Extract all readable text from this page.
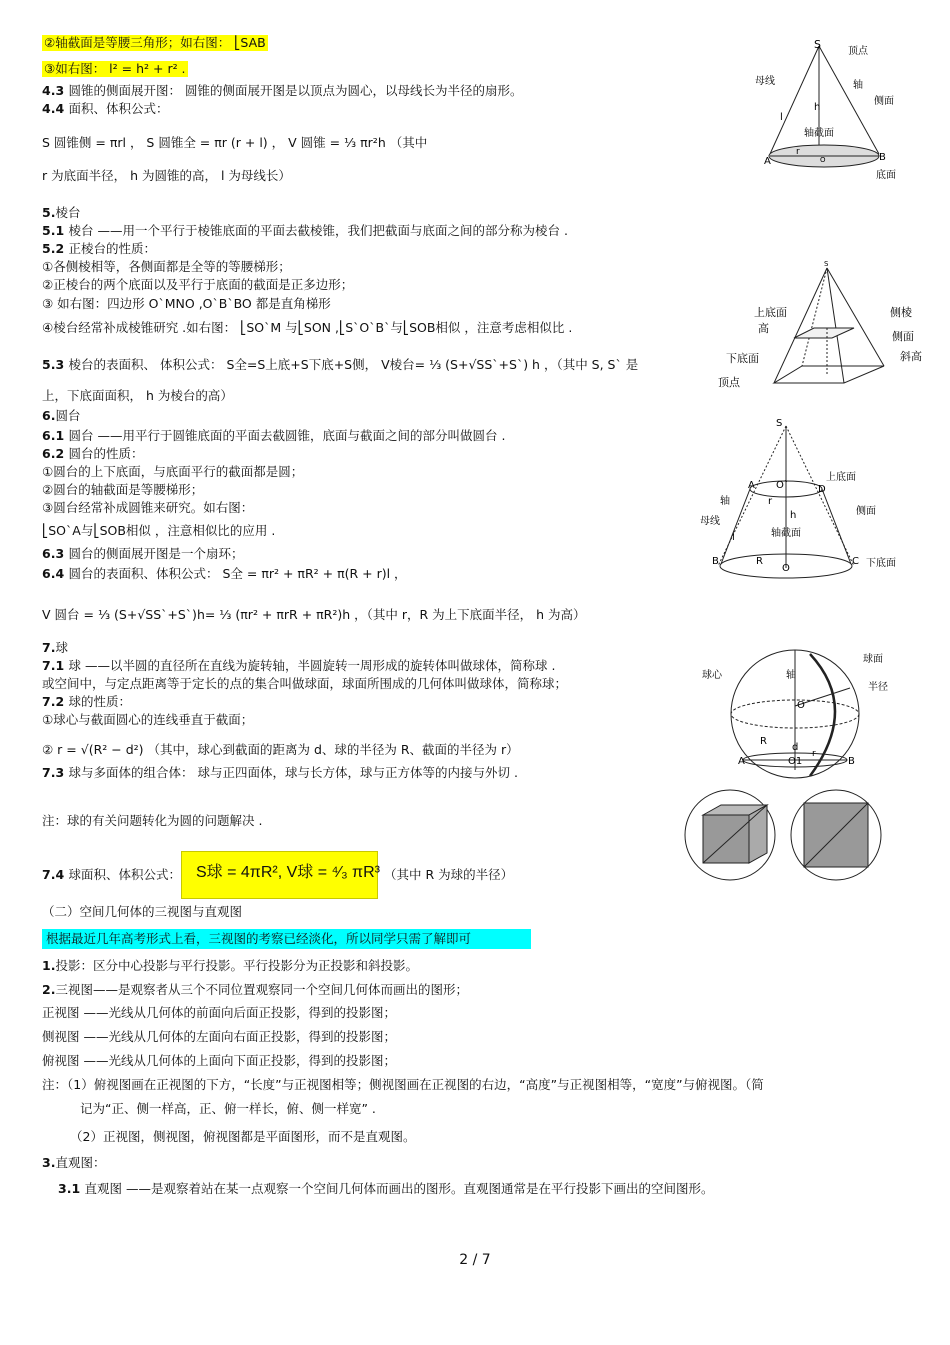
②轴截面是等腰三角形；如右图： ⎣SAB
③如右图： l² = h² + r² .
4.3 圆锥的侧面展开图： 圆锥的侧面展开图是以顶点为圆心，以母线长为半径的扇形。
4.4 面积、体积公式：
S 圆锥侧 = πrl ， S 圆锥全 = πr (r + l) ， V 圆锥 = ⅓ πr²h （其中
r 为底面半径， h 为圆锥的高， l 为母线长）
5.棱台
5.1 棱台 ——用一个平行于棱锥底面的平面去截棱锥，我们把截面与底面之间的部分称为棱台 .
5.2 正棱台的性质：
①各侧棱相等，各侧面都是全等的等腰梯形；
②正棱台的两个底面以及平行于底面的截面是正多边形；
③ 如右图：四边形 O`MNO ,O`B`BO 都是直角梯形
④棱台经常补成棱锥研究 .如右图： ⎣SO`M 与⎣SON ,⎣S`O`B`与⎣SOB相似 ，注意考虑相似比 .
5.3 棱台的表面积、 体积公式： S全=S上底+S下底+S侧， V棱台= ⅓ (S+√SS`+S`) h ，（其中 S, S` 是
上，下底面面积， h 为棱台的高）
6.圆台
6.1 圆台 ——用平行于圆锥底面的平面去截圆锥，底面与截面之间的部分叫做圆台 .
6.2 圆台的性质：
①圆台的上下底面，与底面平行的截面都是圆；
②圆台的轴截面是等腰梯形；
③圆台经常补成圆锥来研究。如右图：
⎣SO`A与⎣SOB相似 ，注意相似比的应用 .
6.3 圆台的侧面展开图是一个扇环；
6.4 圆台的表面积、体积公式： S全 = πr² + πR² + π(R + r)l ，
V 圆台 = ⅓ (S+√SS`+S`)h= ⅓ (πr² + πrR + πR²)h ，（其中 r，R 为上下底面半径， h 为高）
7.球
7.1 球 ——以半圆的直径所在直线为旋转轴，半圆旋转一周形成的旋转体叫做球体，简称球 .
或空间中，与定点距离等于定长的点的集合叫做球面，球面所围成的几何体叫做球体，简称球；
7.2 球的性质：
①球心与截面圆心的连线垂直于截面；
② r = √(R² − d²) （其中，球心到截面的距离为 d、球的半径为 R、截面的半径为 r）
7.3 球与多面体的组合体： 球与正四面体，球与长方体，球与正方体等的内接与外切 .
注：球的有关问题转化为圆的问题解决 .
7.4 球面积、体积公式：
（二）空间几何体的三视图与直观图
根据最近几年高考形式上看，三视图的考察已经淡化，所以同学只需了解即可
1.投影：区分中心投影与平行投影。平行投影分为正投影和斜投影。
2.三视图——是观察者从三个不同位置观察同一个空间几何体而画出的图形；
正视图 ——光线从几何体的前面向后面正投影，得到的投影图；
侧视图 ——光线从几何体的左面向右面正投影，得到的投影图；
俯视图 ——光线从几何体的上面向下面正投影，得到的投影图；
注：（1）俯视图画在正视图的下方，“长度”与正视图相等；侧视图画在正视图的右边，“高度”与正视图相等，“宽度”与俯视图。（简
记为“正、侧一样高，正、俯一样长，俯、侧一样宽” .
（2）正视图，侧视图，俯视图都是平面图形，而不是直观图。
3.直观图：
3.1 直观图 ——是观察着站在某一点观察一个空间几何体而画出的图形。直观图通常是在平行投影下画出的空间图形。
S球 = 4πR², V球 = ⁴⁄₃ πR³ （其中 R 为球的半径）
S
顶点
母线	轴
侧面
h
l
轴截面
r
A	O	B
底面
S
上底面
高
侧棱
侧面
斜高
下底面
顶点
S
O`
A
r
D
上底面
轴
h
母线
l	轴截面
侧面
B	R
O
C 下底面
球面
球心	轴
半径
O
R
d
r
O1
A	B
2 / 7
